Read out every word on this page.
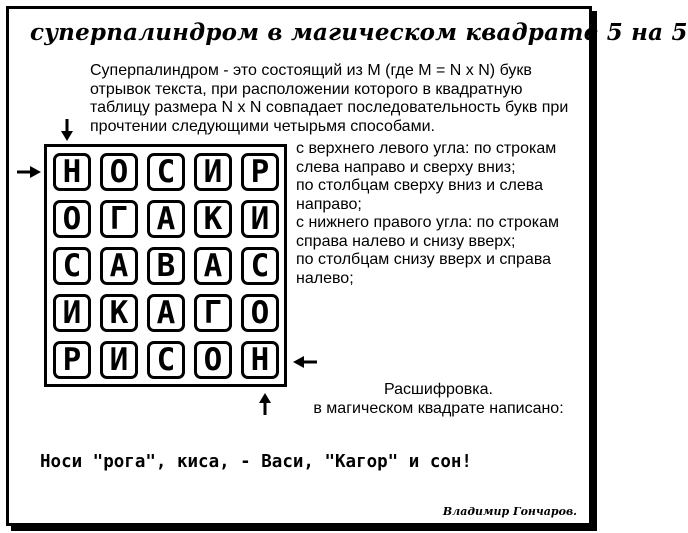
суперпалиндром в магическом квадрате 5 на 5
Суперпалиндром - это состоящий из M (где M = N x N) букв отрывок текста, при расположении которого в квадратную таблицу размера N x N совпадает последовательность букв при прочтении следующими четырьмя способами.
с верхнего левого угла: по строкам
слева направо и сверху вниз;
по столбцам сверху вниз и слева
направо;
с нижнего правого угла: по строкам
справа налево и снизу вверх;
по столбцам снизу вверх и справа
налево;
Н О С И Р
О Г А К И
С А В А С
И К А Г О
Р И С О Н
Расшифровка.
в магическом квадрате написано:
Носи "рога", киса, - Васи, "Кагор" и сон!
Владимир Гончаров.
